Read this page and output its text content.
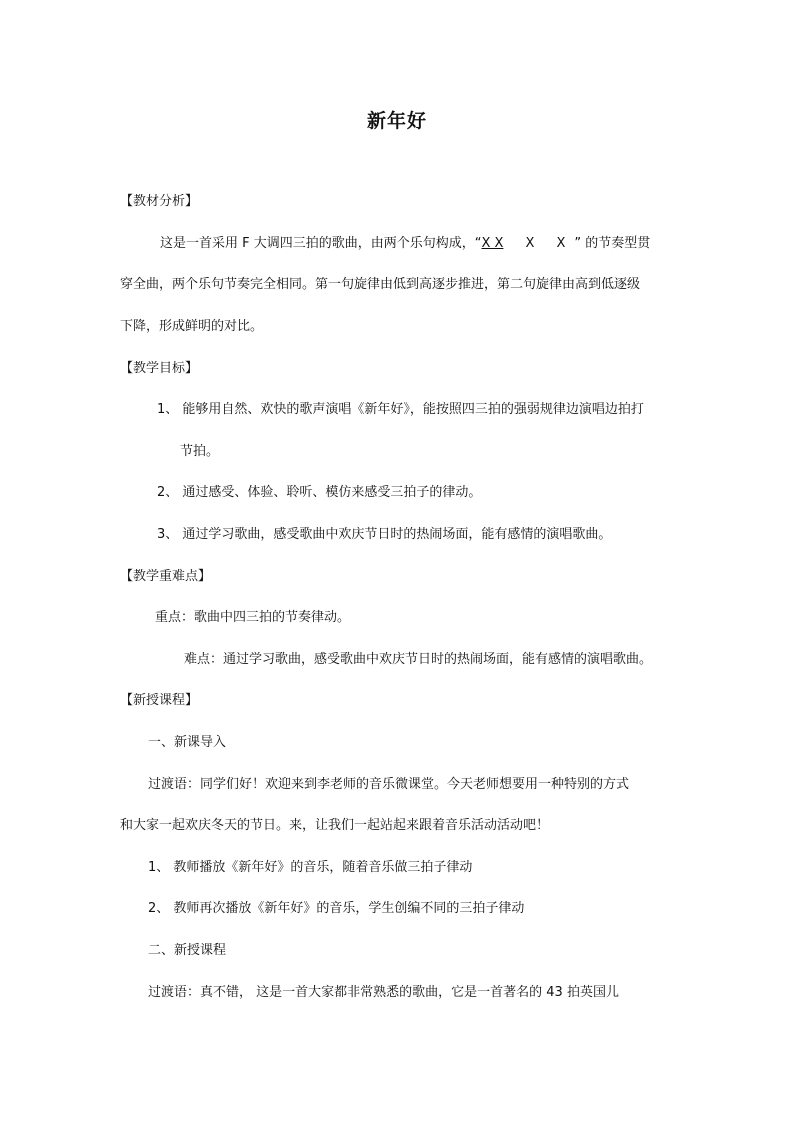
新年好
【教材分析】
这是一首采用 F 大调四三拍的歌曲，由两个乐句构成，“X X X X” 的节奏型贯
穿全曲，两个乐句节奏完全相同。第一句旋律由低到高逐步推进，第二句旋律由高到低逐级
下降，形成鲜明的对比。
【教学目标】
1、 能够用自然、欢快的歌声演唱《新年好》，能按照四三拍的强弱规律边演唱边拍打
节拍。
2、 通过感受、体验、聆听、模仿来感受三拍子的律动。
3、 通过学习歌曲，感受歌曲中欢庆节日时的热闹场面，能有感情的演唱歌曲。
【教学重难点】
重点：歌曲中四三拍的节奏律动。
难点：通过学习歌曲，感受歌曲中欢庆节日时的热闹场面，能有感情的演唱歌曲。
【新授课程】
一、新课导入
过渡语：同学们好！欢迎来到李老师的音乐微课堂。今天老师想要用一种特别的方式
和大家一起欢庆冬天的节日。来，让我们一起站起来跟着音乐活动活动吧！
1、 教师播放《新年好》的音乐，随着音乐做三拍子律动
2、 教师再次播放《新年好》的音乐，学生创编不同的三拍子律动
二、新授课程
过渡语：真不错， 这是一首大家都非常熟悉的歌曲，它是一首著名的 43 拍英国儿
